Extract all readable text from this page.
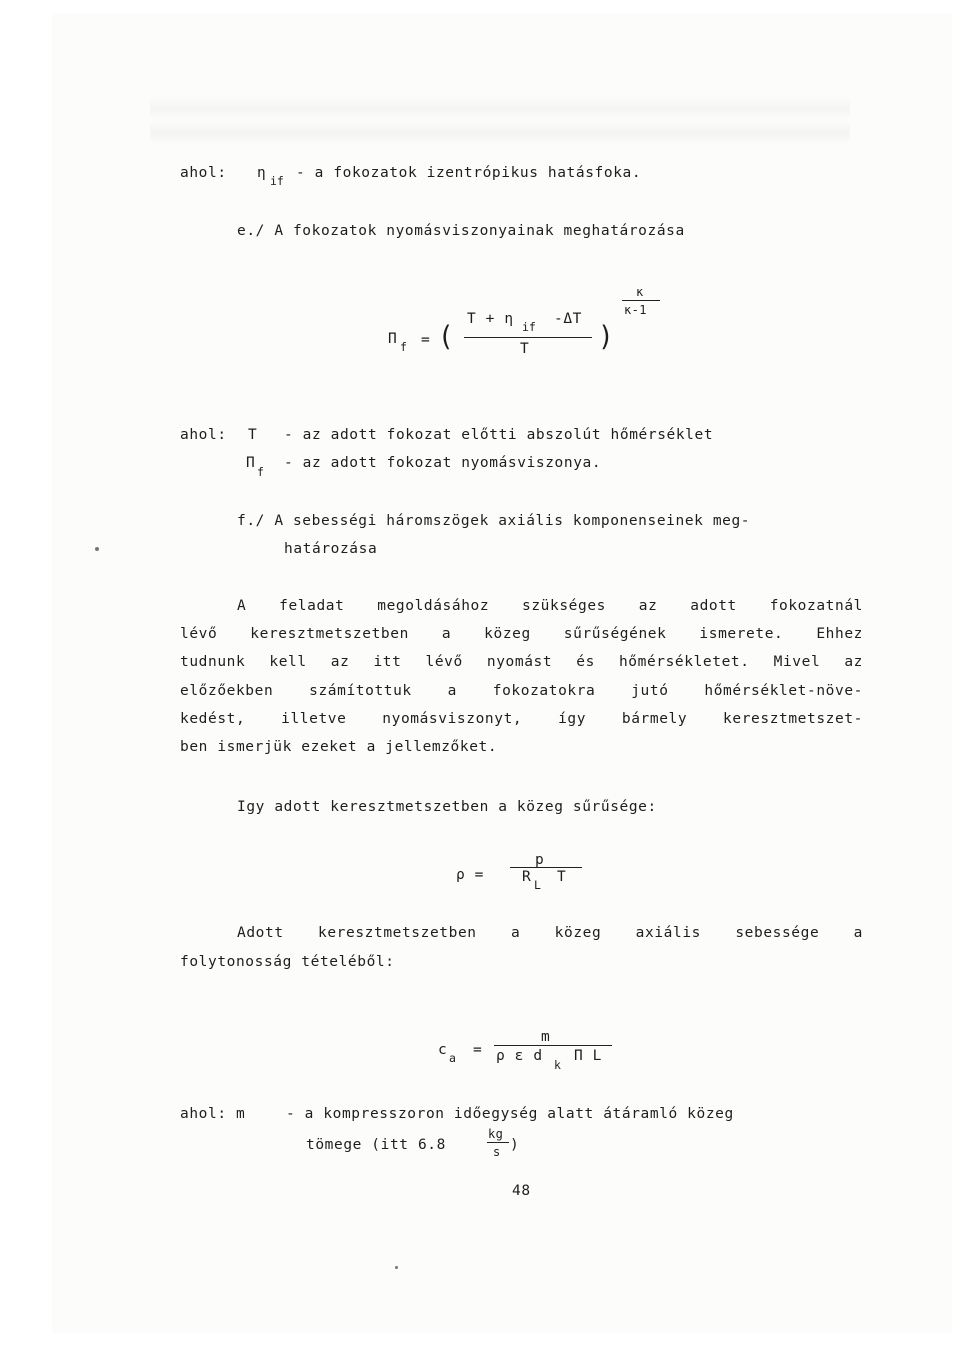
ahol: η if - a fokozatok izentrópikus hatásfoka.
e./ A fokozatok nyomásviszonyainak meghatározása
Π f = (
T + η if -ΔT
T	)
κ
κ-1
ahol: T - az adott fokozat előtti abszolút hőmérséklet
Π
f
- az adott fokozat nyomásviszonya.
f./ A sebességi háromszögek axiális komponenseinek meg-
határozása
A feladat megoldásához szükséges az adott fokozatnál
lévő keresztmetszetben a közeg sűrűségének ismerete. Ehhez
tudnunk kell az itt lévő nyomást és hőmérsékletet. Mivel az
előzőekben számítottuk a fokozatokra jutó hőmérséklet-növe-
kedést, illetve nyomásviszonyt, így bármely keresztmetszet-
ben ismerjük ezeket a jellemzőket.
Igy adott keresztmetszetben a közeg sűrűsége:
ρ =
p
R L T
Adott keresztmetszetben a közeg axiális sebessége a
folytonosság tételéből:
c a =
m
ρ ε d
k
Π L
ahol: m	- a kompresszoron időegység alatt átáramló közeg
tömege (itt 6.8
kg
s )
48
